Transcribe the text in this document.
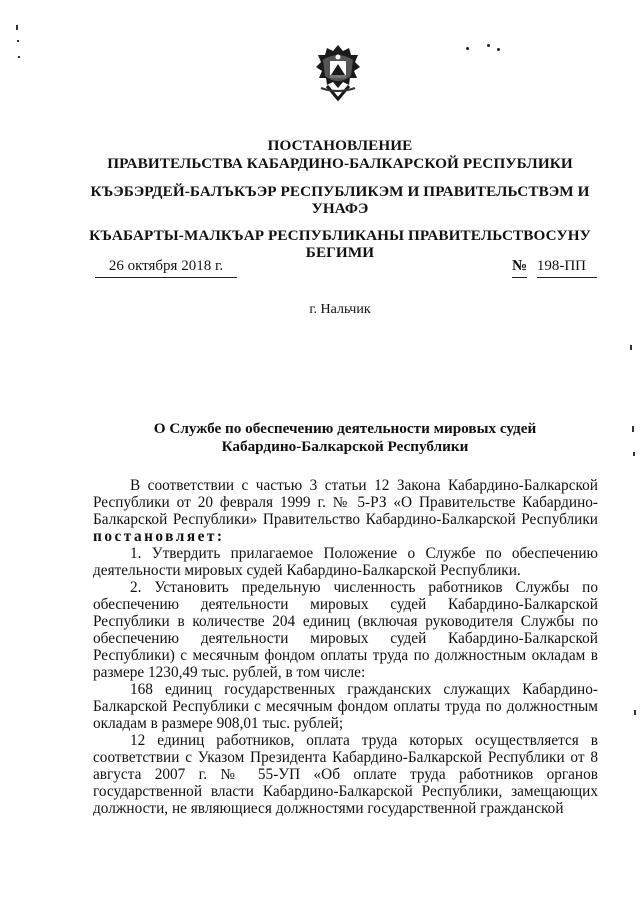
ПОСТАНОВЛЕНИЕ
ПРАВИТЕЛЬСТВА КАБАРДИНО-БАЛКАРСКОЙ РЕСПУБЛИКИ
КЪЭБЭРДЕЙ-БАЛЪКЪЭР РЕСПУБЛИКЭМ И ПРАВИТЕЛЬСТВЭМ И
УНАФЭ
КЪАБАРТЫ-МАЛКЪАР РЕСПУБЛИКАНЫ ПРАВИТЕЛЬСТВОСУНУ
БЕГИМИ
26 октября 2018 г.	№ 198-ПП
г. Нальчик
О Службе по обеспечению деятельности мировых судей
Кабардино-Балкарской Республики

В соответствии с частью 3 статьи 12 Закона Кабардино-Балкарской Республики от 20 февраля 1999 г. № 5-РЗ «О Правительстве Кабардино-Балкарской Республики» Правительство Кабардино-Балкарской Республики постановляет:

1. Утвердить прилагаемое Положение о Службе по обеспечению деятельности мировых судей Кабардино-Балкарской Республики.

2. Установить предельную численность работников Службы по обеспечению деятельности мировых судей Кабардино-Балкарской Республики в количестве 204 единиц (включая руководителя Службы по обеспечению деятельности мировых судей Кабардино-Балкарской Республики) с месячным фондом оплаты труда по должностным окладам в размере 1230,49 тыс. рублей, в том числе:

168 единиц государственных гражданских служащих Кабардино-Балкарской Республики с месячным фондом оплаты труда по должностным окладам в размере 908,01 тыс. рублей;

12 единиц работников, оплата труда которых осуществляется в соответствии с Указом Президента Кабардино-Балкарской Республики от 8 августа 2007 г. № 55-УП «Об оплате труда работников органов государственной власти Кабардино-Балкарской Республики, замещающих должности, не являющиеся должностями государственной гражданской
